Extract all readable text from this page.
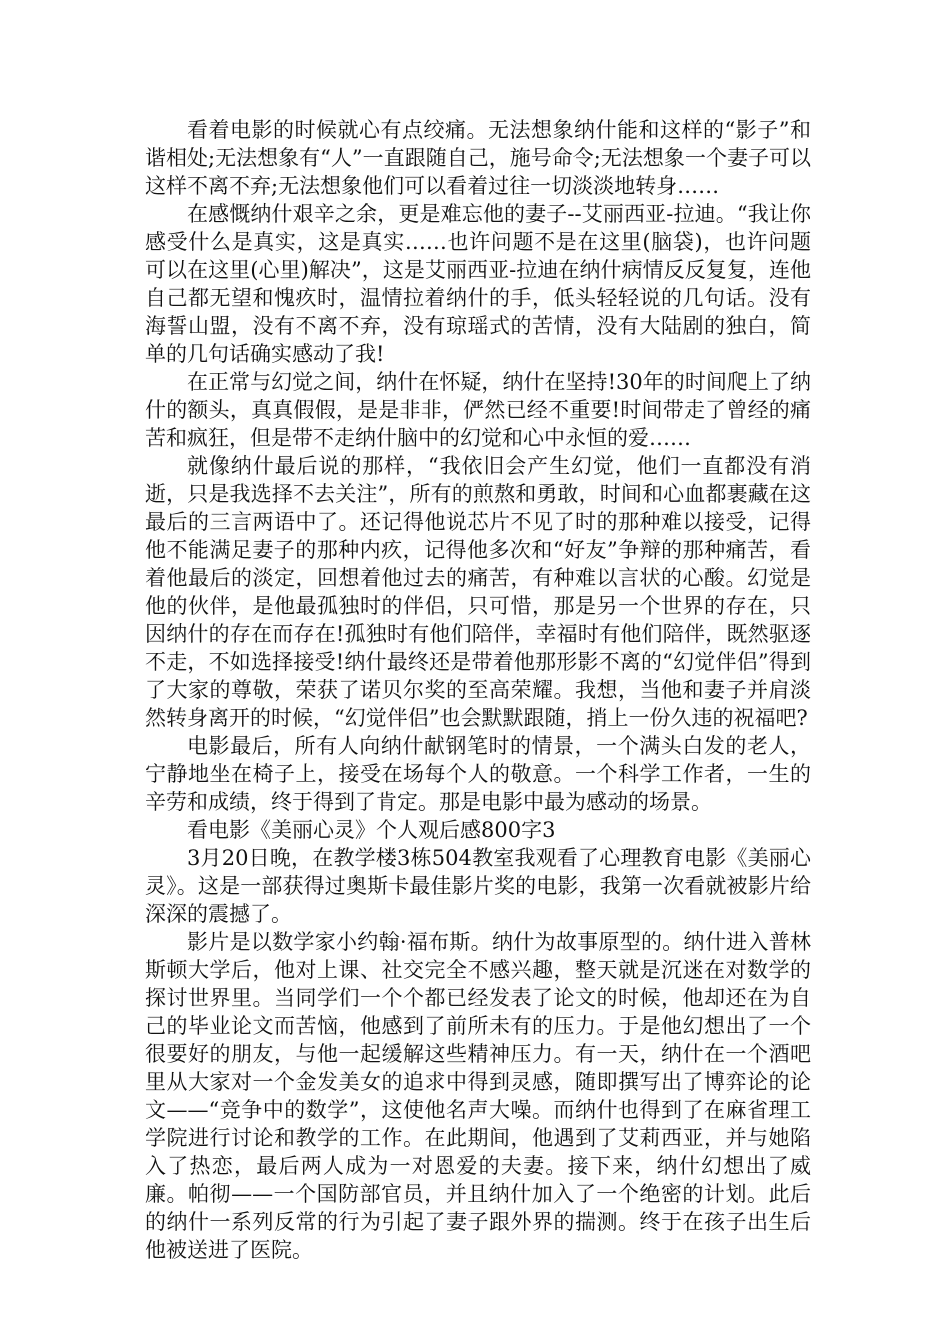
看着电影的时候就心有点绞痛。无法想象纳什能和这样的“影子”和谐相处;无法想象有“人”一直跟随自己，施号命令;无法想象一个妻子可以这样不离不弃;无法想象他们可以看着过往一切淡淡地转身……

在感慨纳什艰辛之余，更是难忘他的妻子--艾丽西亚-拉迪。“我让你感受什么是真实，这是真实……也许问题不是在这里(脑袋)，也许问题可以在这里(心里)解决”，这是艾丽西亚-拉迪在纳什病情反反复复，连他自己都无望和愧疚时，温情拉着纳什的手，低头轻轻说的几句话。没有海誓山盟，没有不离不弃，没有琼瑶式的苦情，没有大陆剧的独白，简单的几句话确实感动了我!

在正常与幻觉之间，纳什在怀疑，纳什在坚持!30年的时间爬上了纳什的额头，真真假假，是是非非，俨然已经不重要!时间带走了曾经的痛苦和疯狂，但是带不走纳什脑中的幻觉和心中永恒的爱……

就像纳什最后说的那样，“我依旧会产生幻觉，他们一直都没有消逝，只是我选择不去关注”，所有的煎熬和勇敢，时间和心血都裹藏在这最后的三言两语中了。还记得他说芯片不见了时的那种难以接受，记得他不能满足妻子的那种内疚，记得他多次和“好友”争辩的那种痛苦，看着他最后的淡定，回想着他过去的痛苦，有种难以言状的心酸。幻觉是他的伙伴，是他最孤独时的伴侣，只可惜，那是另一个世界的存在，只因纳什的存在而存在!孤独时有他们陪伴，幸福时有他们陪伴，既然驱逐不走，不如选择接受!纳什最终还是带着他那形影不离的“幻觉伴侣”得到了大家的尊敬，荣获了诺贝尔奖的至高荣耀。我想，当他和妻子并肩淡然转身离开的时候，“幻觉伴侣”也会默默跟随，捎上一份久违的祝福吧?

电影最后，所有人向纳什献钢笔时的情景，一个满头白发的老人，宁静地坐在椅子上，接受在场每个人的敬意。一个科学工作者，一生的辛劳和成绩，终于得到了肯定。那是电影中最为感动的场景。

看电影《美丽心灵》个人观后感800字3

3月20日晚，在教学楼3栋504教室我观看了心理教育电影《美丽心灵》。这是一部获得过奥斯卡最佳影片奖的电影，我第一次看就被影片给深深的震撼了。

影片是以数学家小约翰·福布斯。纳什为故事原型的。纳什进入普林斯顿大学后，他对上课、社交完全不感兴趣，整天就是沉迷在对数学的探讨世界里。当同学们一个个都已经发表了论文的时候，他却还在为自己的毕业论文而苦恼，他感到了前所未有的压力。于是他幻想出了一个很要好的朋友，与他一起缓解这些精神压力。有一天，纳什在一个酒吧里从大家对一个金发美女的追求中得到灵感，随即撰写出了博弈论的论文——“竞争中的数学”，这使他名声大噪。而纳什也得到了在麻省理工学院进行讨论和教学的工作。在此期间，他遇到了艾莉西亚，并与她陷入了热恋，最后两人成为一对恩爱的夫妻。接下来，纳什幻想出了威廉。帕彻——一个国防部官员，并且纳什加入了一个绝密的计划。此后的纳什一系列反常的行为引起了妻子跟外界的揣测。终于在孩子出生后他被送进了医院。
